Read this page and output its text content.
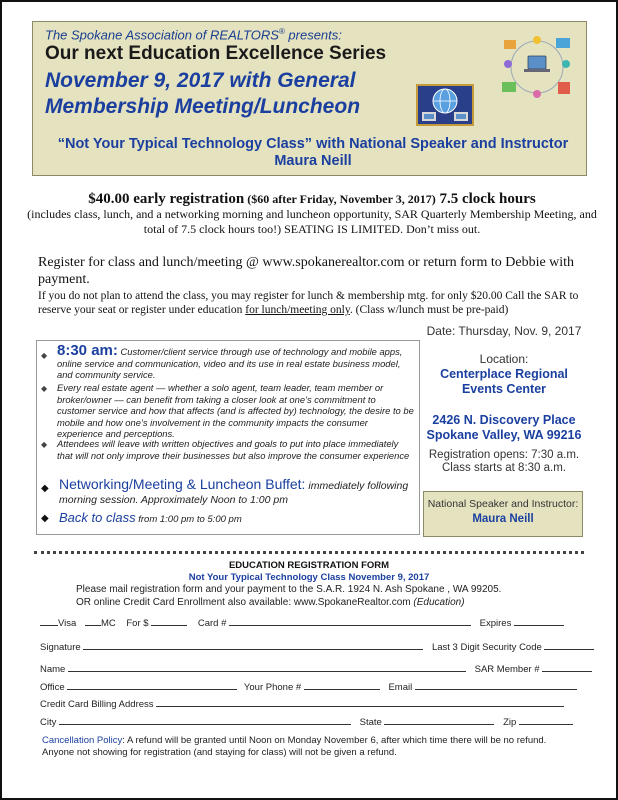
The Spokane Association of REALTORS® presents:
Our next Education Excellence Series
November 9, 2017 with General
Membership Meeting/Luncheon
“Not Your Typical Technology Class” with National Speaker and Instructor
Maura Neill
$40.00 early registration ($60 after Friday, November 3, 2017) 7.5 clock hours
(includes class, lunch, and a networking morning and luncheon opportunity, SAR Quarterly Membership Meeting, and total of 7.5 clock hours too!) SEATING IS LIMITED. Don’t miss out.
Register for class and lunch/meeting @ www.spokanerealtor.com or return form to Debbie with payment.
If you do not plan to attend the class, you may register for lunch & membership mtg. for only $20.00 Call the SAR to reserve your seat or register under education for lunch/meeting only. (Class w/lunch must be pre-paid)
◆ 8:30 am: Customer/client service through use of technology and mobile apps, online service and communication, video and its use in real estate business model, and community service.
◆ Every real estate agent — whether a solo agent, team leader, team member or broker/owner — can benefit from taking a closer look at one’s commitment to customer service and how that affects (and is affected by) technology, the desire to be mobile and how one’s involvement in the community impacts the consumer experience and perceptions.
◆ Attendees will leave with written objectives and goals to put into place immediately that will not only improve their businesses but also improve the consumer experience
◆ Networking/Meeting & Luncheon Buffet: immediately following morning session. Approximately Noon to 1:00 pm
◆ Back to class from 1:00 pm to 5:00 pm
Date: Thursday, Nov. 9, 2017
Location:
Centerplace Regional
Events Center
2426 N. Discovery Place
Spokane Valley, WA 99216
Registration opens: 7:30 a.m.
Class starts at 8:30 a.m.
National Speaker and Instructor:
Maura Neill
EDUCATION REGISTRATION FORM
Not Your Typical Technology Class November 9, 2017
Please mail registration form and your payment to the S.A.R. 1924 N. Ash Spokane , WA 99205.
OR online Credit Card Enrollment also available: www.SpokaneRealtor.com (Education)
Visa	MC For $	Card #	Expires
Signature	Last 3 Digit Security Code
Name	SAR Member #
Office	Your Phone #	Email
Credit Card Billing Address
City	State	Zip
Cancellation Policy: A refund will be granted until Noon on Monday November 6, after which time there will be no refund.
Anyone not showing for registration (and staying for class) will not be given a refund.
